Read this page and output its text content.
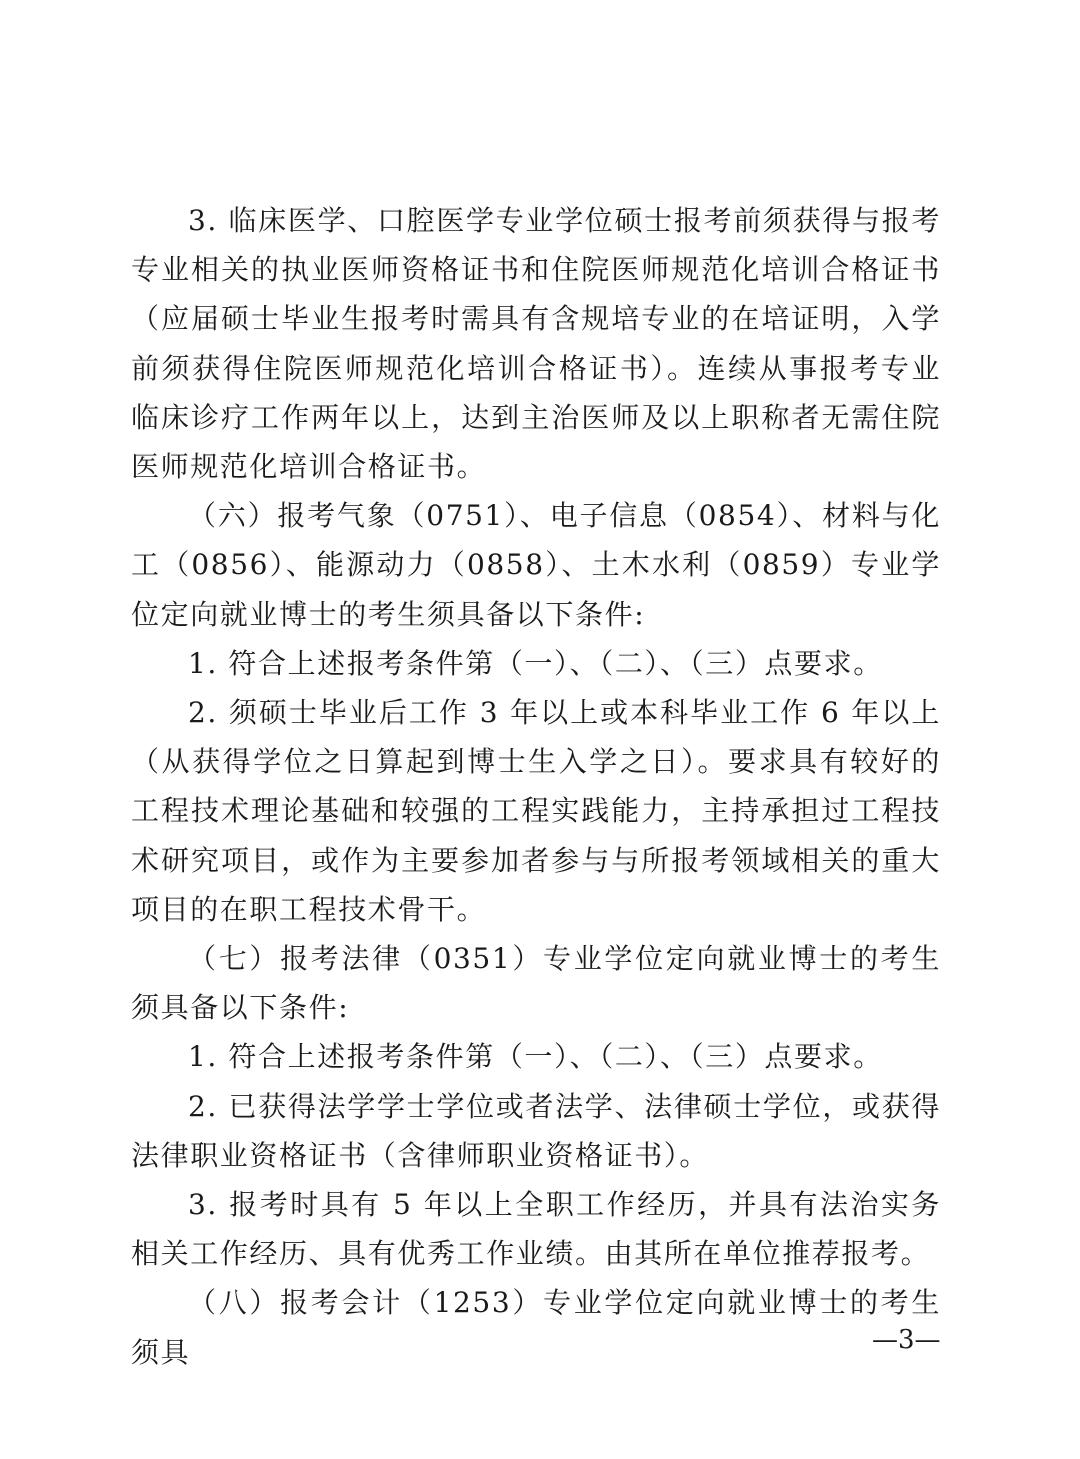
3. 临床医学、口腔医学专业学位硕士报考前须获得与报考专业相关的执业医师资格证书和住院医师规范化培训合格证书（应届硕士毕业生报考时需具有含规培专业的在培证明，入学前须获得住院医师规范化培训合格证书）。连续从事报考专业临床诊疗工作两年以上，达到主治医师及以上职称者无需住院医师规范化培训合格证书。

（六）报考气象（0751）、电子信息（0854）、材料与化工（0856）、能源动力（0858）、土木水利（0859）专业学位定向就业博士的考生须具备以下条件:

1. 符合上述报考条件第（一）、（二）、（三）点要求。

2. 须硕士毕业后工作 3 年以上或本科毕业工作 6 年以上（从获得学位之日算起到博士生入学之日）。要求具有较好的工程技术理论基础和较强的工程实践能力，主持承担过工程技术研究项目，或作为主要参加者参与与所报考领域相关的重大项目的在职工程技术骨干。

（七）报考法律（0351）专业学位定向就业博士的考生须具备以下条件:

1. 符合上述报考条件第（一）、（二）、（三）点要求。

2. 已获得法学学士学位或者法学、法律硕士学位，或获得法律职业资格证书（含律师职业资格证书）。

3. 报考时具有 5 年以上全职工作经历，并具有法治实务相关工作经历、具有优秀工作业绩。由其所在单位推荐报考。

（八）报考会计（1253）专业学位定向就业博士的考生须具	—3—
